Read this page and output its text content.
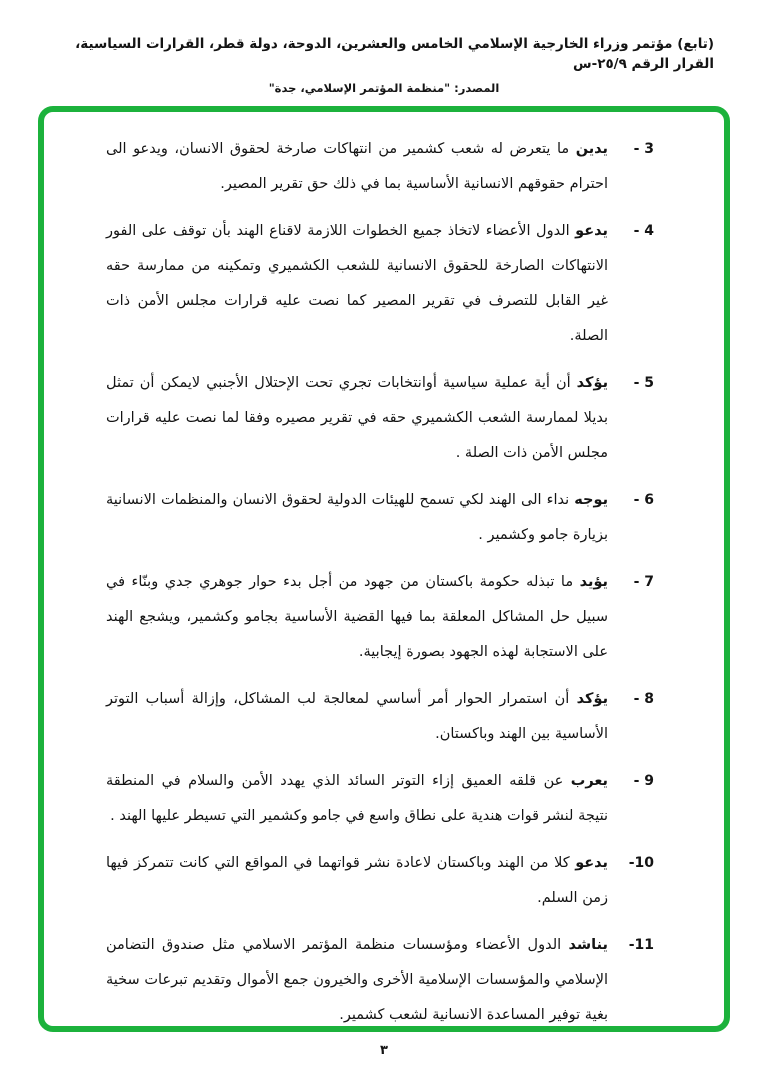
(تابع) مؤتمر وزراء الخارجية الإسلامي الخامس والعشرين، الدوحة، دولة قطر، القرارات السياسية، القرار الرقم ٢٥/٩-س
المصدر: "منظمة المؤتمر الإسلامي، جدة"
3 -

يدين ما يتعرض له شعب كشمير من انتهاكات صارخة لحقوق الانسان، ويدعو الى احترام حقوقهم الانسانية الأساسية بما في ذلك حق تقرير المصير.

4 -

يدعو الدول الأعضاء لاتخاذ جميع الخطوات اللازمة لاقناع الهند بأن توقف على الفور الانتهاكات الصارخة للحقوق الانسانية للشعب الكشميري وتمكينه من ممارسة حقه غير القابل للتصرف في تقرير المصير كما نصت عليه قرارات مجلس الأمن ذات الصلة.

5 -

يؤكد أن أية عملية سياسية أوانتخابات تجري تحت الإحتلال الأجنبي لايمكن أن تمثل بديلا لممارسة الشعب الكشميري حقه في تقرير مصيره وفقا لما نصت عليه قرارات مجلس الأمن ذات الصلة .

6 -

يوجه نداء الى الهند لكي تسمح للهيئات الدولية لحقوق الانسان والمنظمات الانسانية بزيارة جامو وكشمير .

7 -

يؤيد ما تبذله حكومة باكستان من جهود من أجل بدء حوار جوهري جدي وبنّاء في سبيل حل المشاكل المعلقة بما فيها القضية الأساسية بجامو وكشمير، ويشجع الهند على الاستجابة لهذه الجهود بصورة إيجابية.

8 -

يؤكد أن استمرار الحوار أمر أساسي لمعالجة لب المشاكل، وإزالة أسباب التوتر الأساسية بين الهند وباكستان.

9 -

يعرب عن قلقه العميق إزاء التوتر السائد الذي يهدد الأمن والسلام في المنطقة نتيجة لنشر قوات هندية على نطاق واسع في جامو وكشمير التي تسيطر عليها الهند .

10-

يدعو كلا من الهند وباكستان لاعادة نشر قواتهما في المواقع التي كانت تتمركز فيها زمن السلم.

11-

يناشد الدول الأعضاء ومؤسسات منظمة المؤتمر الاسلامي مثل صندوق التضامن الإسلامي والمؤسسات الإسلامية الأخرى والخيرون جمع الأموال وتقديم تبرعات سخية بغية توفير المساعدة الانسانية لشعب كشمير.

٣
